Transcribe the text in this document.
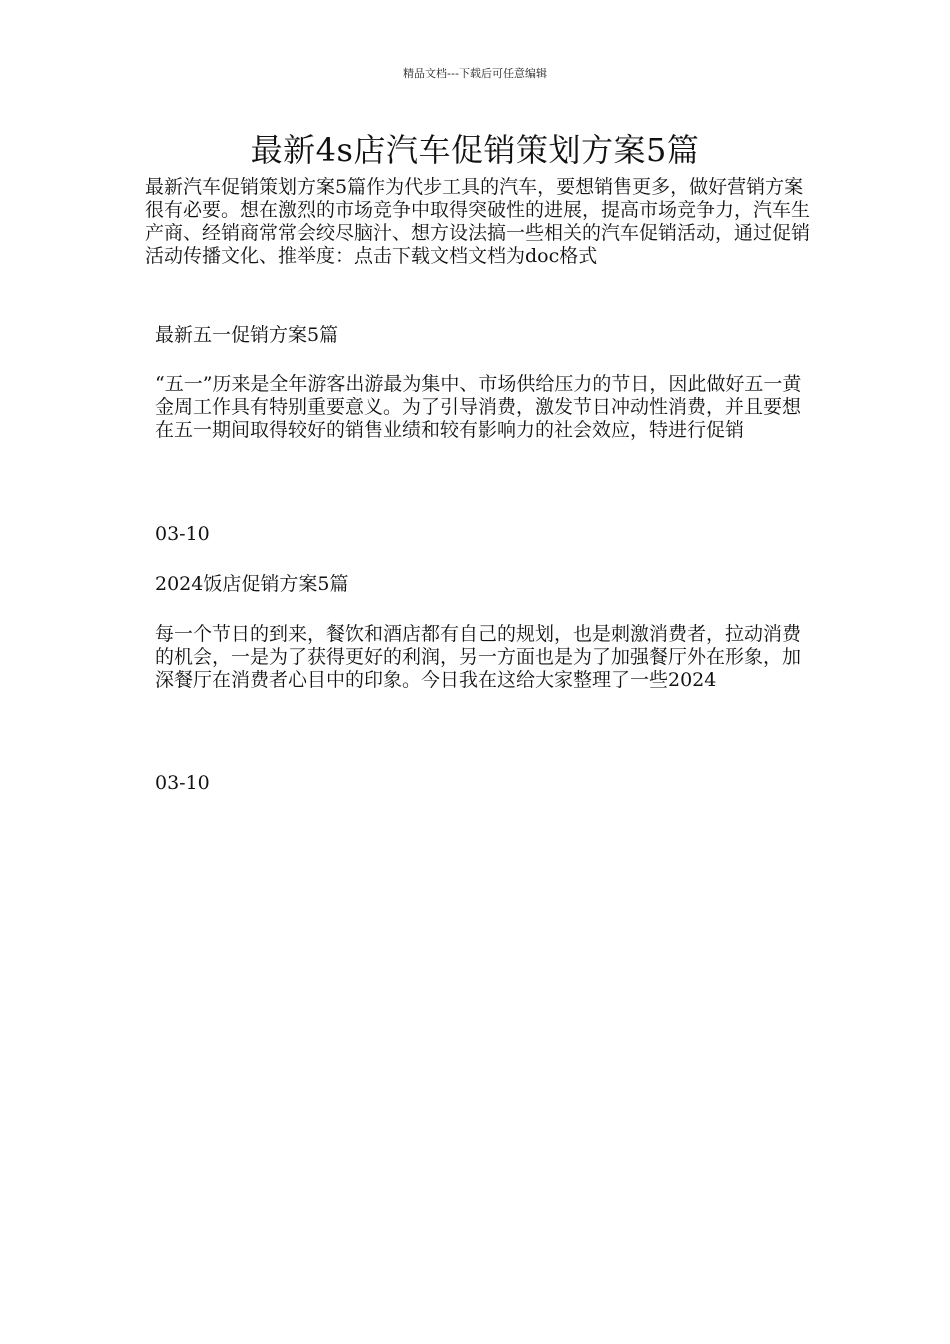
精品文档---下载后可任意编辑
最新4s店汽车促销策划方案5篇

最新汽车促销策划方案5篇作为代步工具的汽车，要想销售更多，做好营销方案很有必要。想在激烈的市场竞争中取得突破性的进展，提高市场竞争力，汽车生产商、经销商常常会绞尽脑汁、想方设法搞一些相关的汽车促销活动，通过促销活动传播文化、推举度：点击下载文档文档为doc格式

最新五一促销方案5篇

“五一”历来是全年游客出游最为集中、市场供给压力的节日，因此做好五一黄金周工作具有特别重要意义。为了引导消费，激发节日冲动性消费，并且要想在五一期间取得较好的销售业绩和较有影响力的社会效应，特进行促销

03-10
2024饭店促销方案5篇

每一个节日的到来，餐饮和酒店都有自己的规划，也是刺激消费者，拉动消费的机会，一是为了获得更好的利润，另一方面也是为了加强餐厅外在形象，加深餐厅在消费者心目中的印象。今日我在这给大家整理了一些2024

03-10
